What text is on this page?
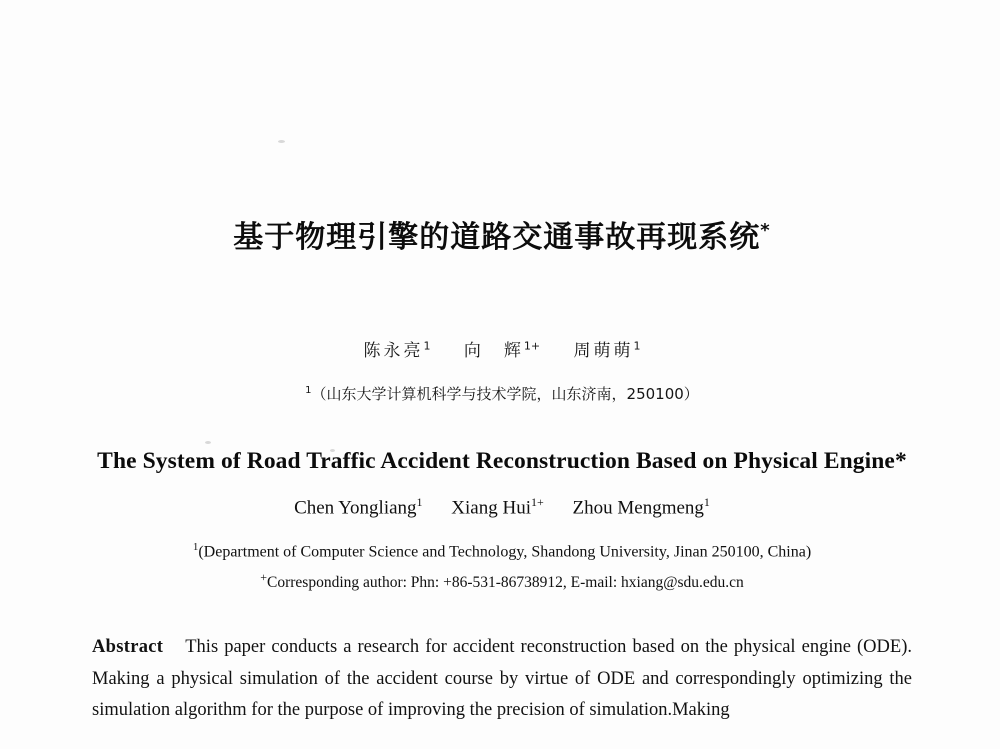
基于物理引擎的道路交通事故再现系统*
陈永亮$^1$ 向　辉$^{1+}$ 周萌萌$^1$
$^1$（山东大学计算机科学与技术学院，山东济南，250100）
The System of Road Traffic Accident Reconstruction Based on Physical Engine*
Chen Yongliang$^1$ Xiang Hui$^{1+}$ Zhou Mengmeng$^1$
$^1$(Department of Computer Science and Technology, Shandong University, Jinan 250100, China)
+Corresponding author: Phn: +86-531-86738912, E-mail: hxiang@sdu.edu.cn
Abstract This paper conducts a research for accident reconstruction based on the physical engine (ODE). Making a physical simulation of the accident course by virtue of ODE and correspondingly optimizing the simulation algorithm for the purpose of improving the precision of simulation.Making
